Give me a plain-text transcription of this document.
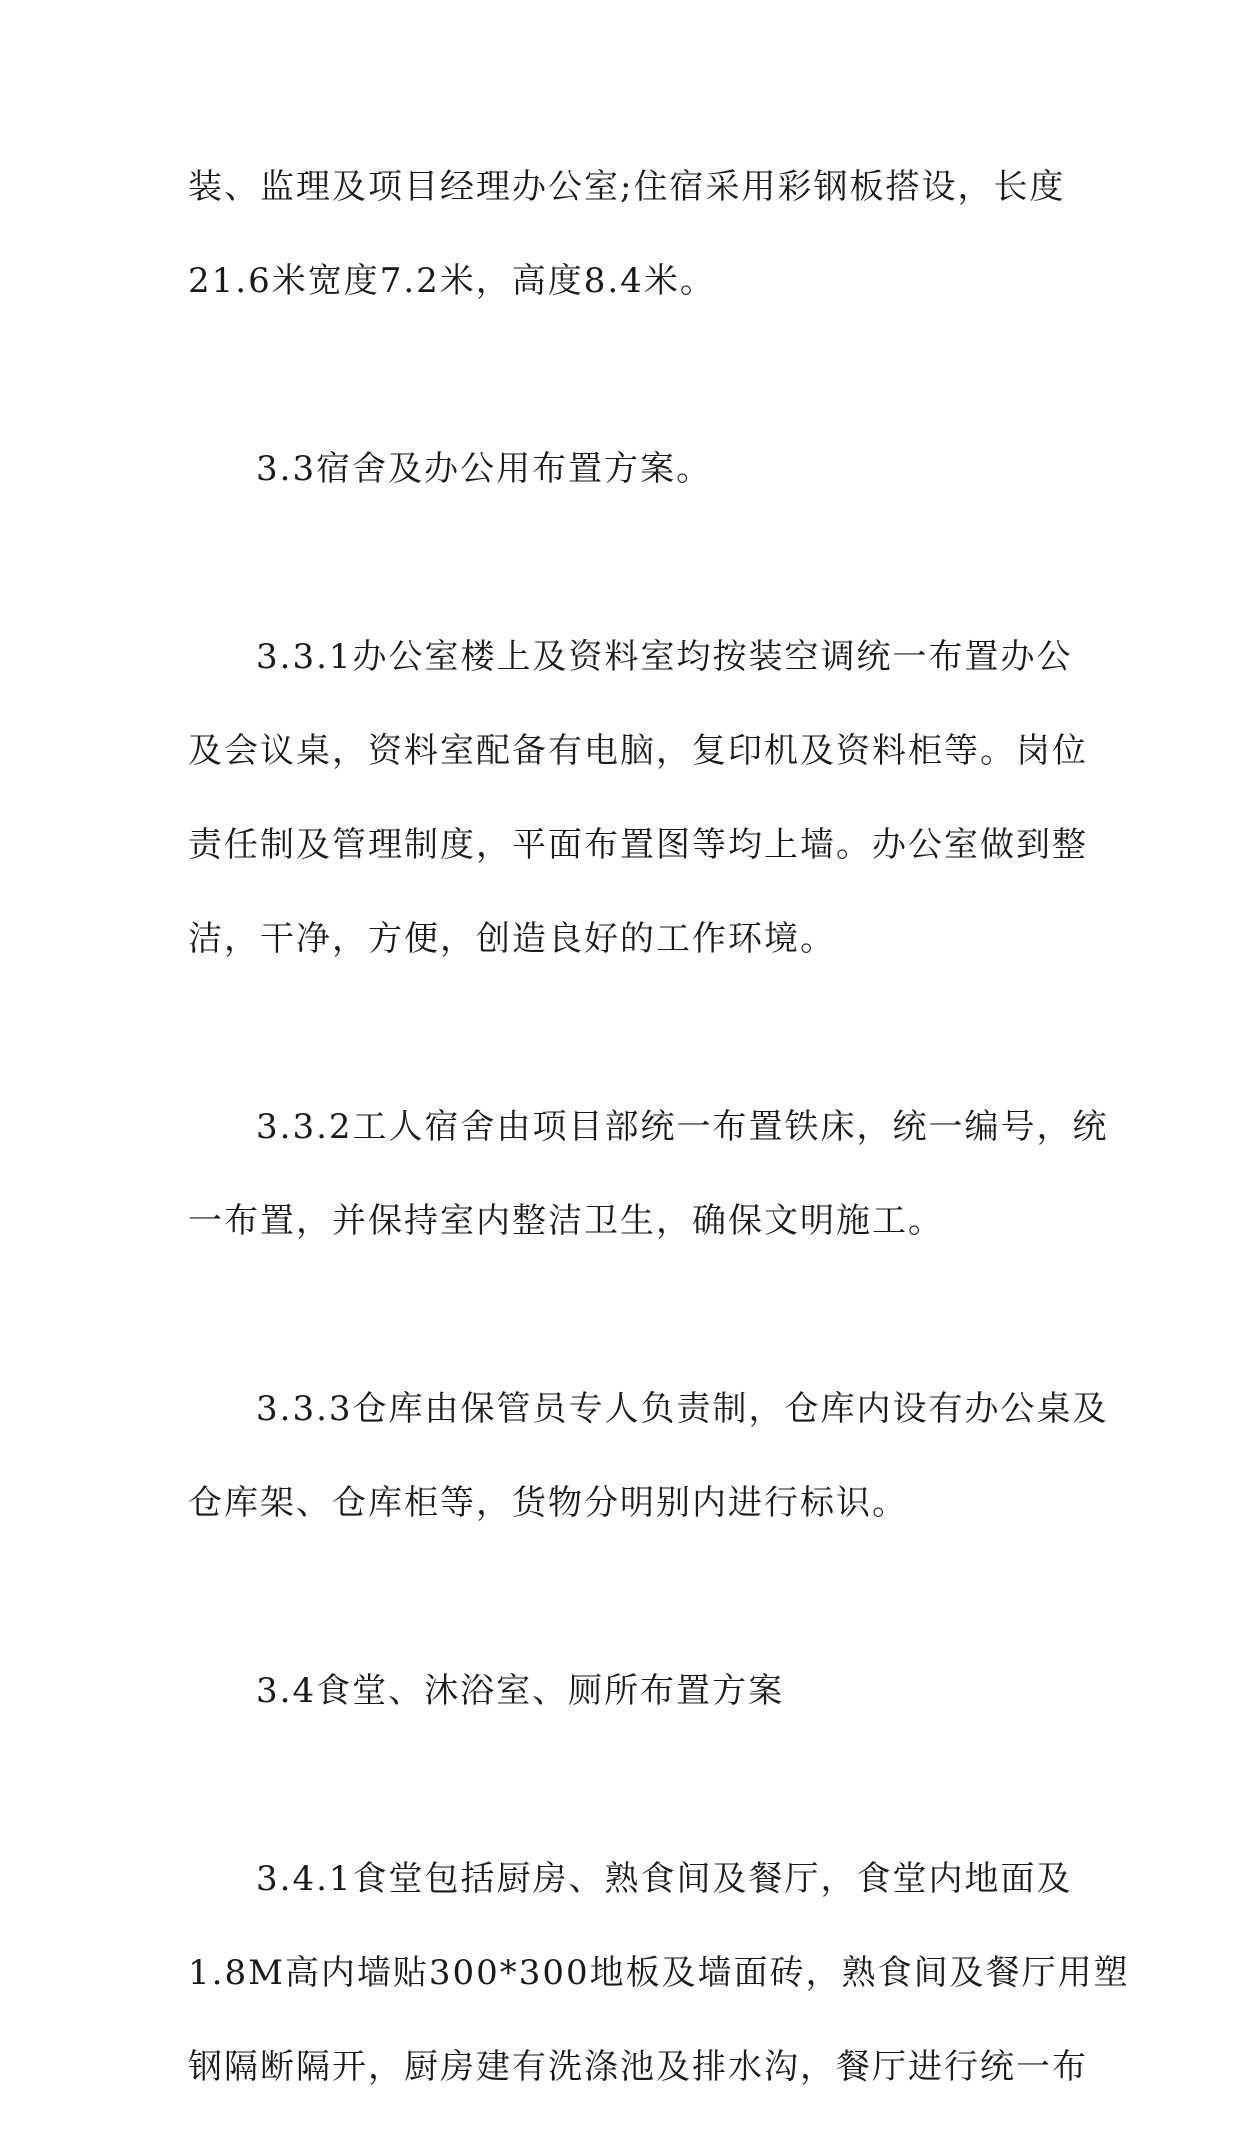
装、监理及项目经理办公室;住宿采用彩钢板搭设，长度
21.6米宽度7.2米，高度8.4米。
3.3宿舍及办公用布置方案。
3.3.1办公室楼上及资料室均按装空调统一布置办公
及会议桌，资料室配备有电脑，复印机及资料柜等。岗位
责任制及管理制度，平面布置图等均上墙。办公室做到整
洁，干净，方便，创造良好的工作环境。
3.3.2工人宿舍由项目部统一布置铁床，统一编号，统
一布置，并保持室内整洁卫生，确保文明施工。
3.3.3仓库由保管员专人负责制，仓库内设有办公桌及
仓库架、仓库柜等，货物分明别内进行标识。
3.4食堂、沐浴室、厕所布置方案
3.4.1食堂包括厨房、熟食间及餐厅，食堂内地面及
1.8M高内墙贴300*300地板及墙面砖，熟食间及餐厅用塑
钢隔断隔开，厨房建有洗涤池及排水沟，餐厅进行统一布
